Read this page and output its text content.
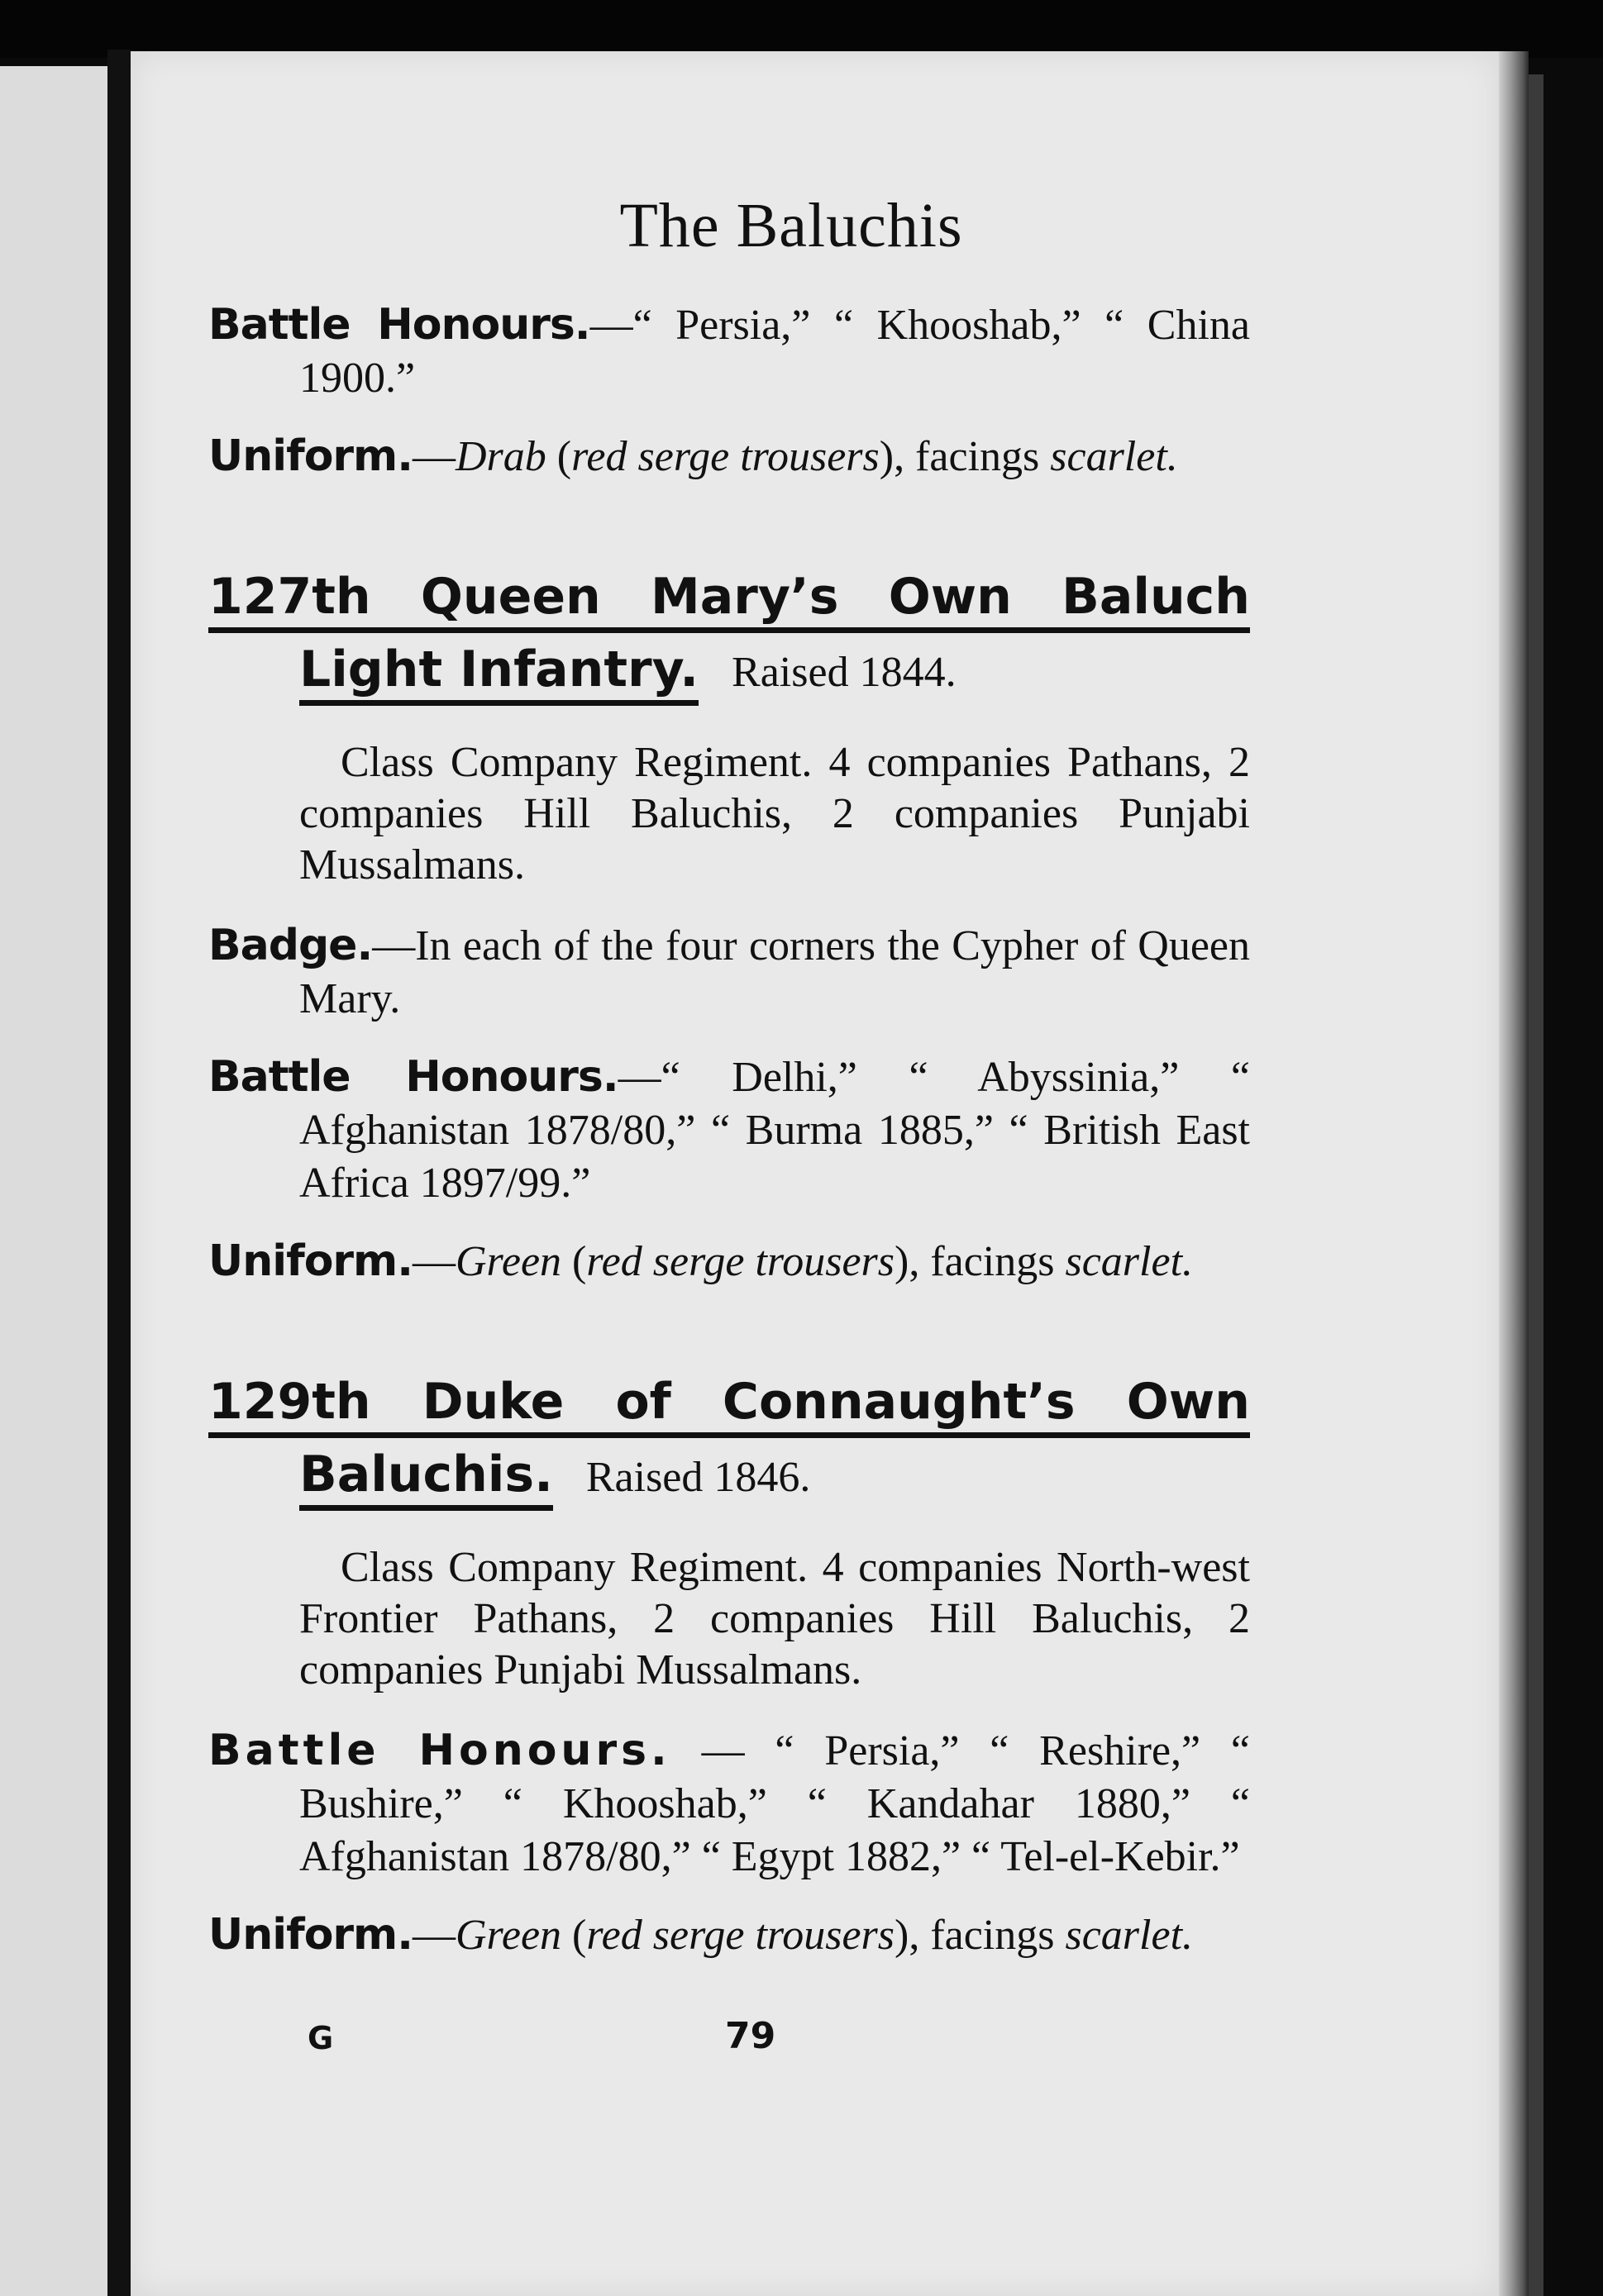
The Baluchis

Battle Honours.—“ Persia,” “ Khooshab,” “ China 1900.”

Uniform.—Drab (red serge trousers), facings scarlet.

127th Queen Mary’s Own Baluch
Light Infantry. Raised 1844.

Class Company Regiment. 4 companies Pathans, 2 companies Hill Baluchis, 2 companies Punjabi Mussalmans.

Badge.—In each of the four corners the Cypher of Queen Mary.

Battle Honours.—“ Delhi,” “ Abyssinia,” “ Afghanistan 1878/80,” “ Burma 1885,” “ British East Africa 1897/99.”

Uniform.—Green (red serge trousers), facings scarlet.

129th Duke of Connaught’s Own
Baluchis. Raised 1846.

Class Company Regiment. 4 companies North-west Frontier Pathans, 2 companies Hill Baluchis, 2 companies Punjabi Mussalmans.

Battle Honours. — “ Persia,” “ Reshire,” “ Bushire,” “ Khooshab,” “ Kandahar 1880,” “ Afghanistan 1878/80,” “ Egypt 1882,” “ Tel-el-Kebir.”

Uniform.—Green (red serge trousers), facings scarlet.

G	79
